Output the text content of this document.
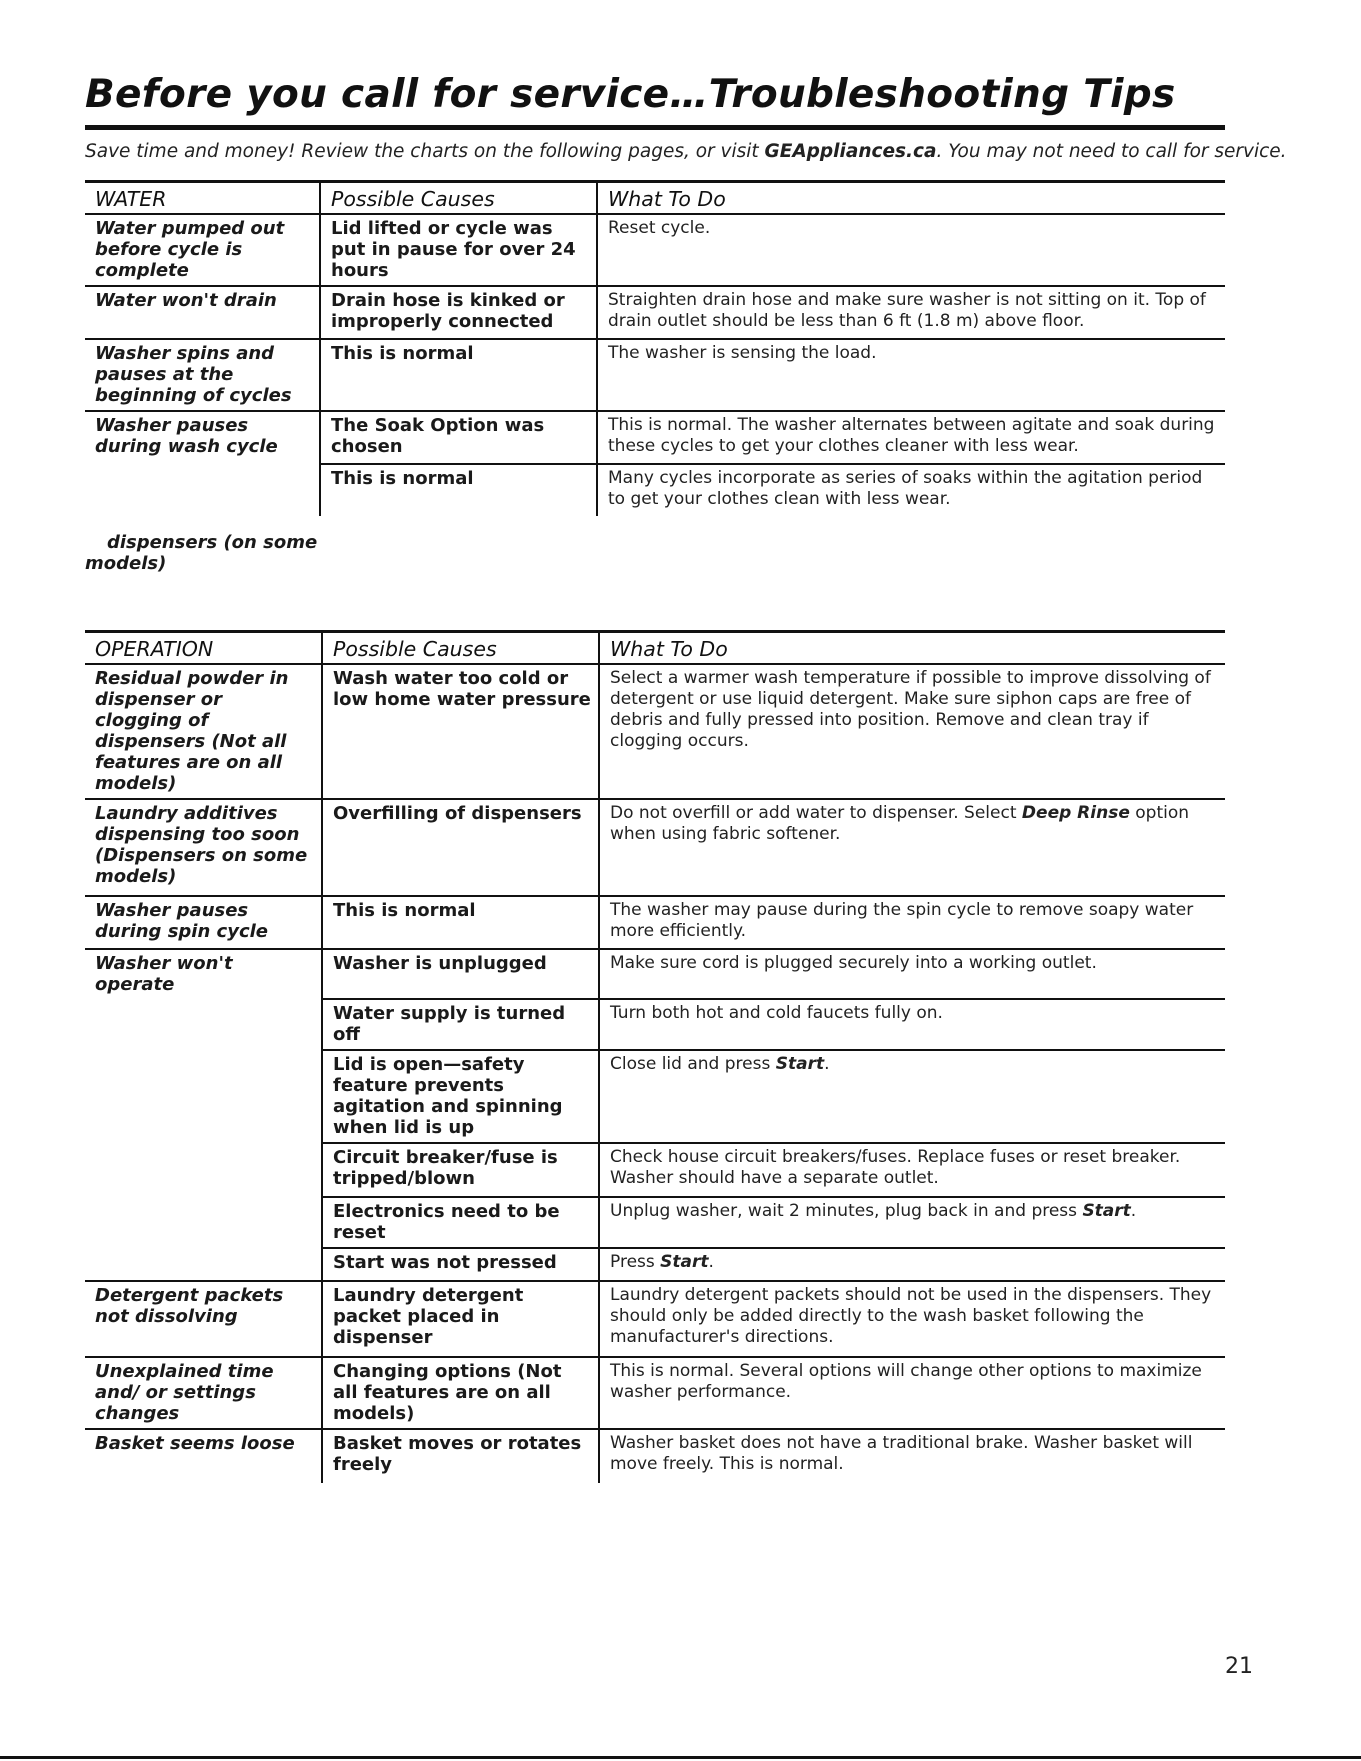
Before you call for service…Troubleshooting Tips
Save time and money! Review the charts on the following pages, or visit GEAppliances.ca. You may not need to call for service.
WATER	Possible Causes	What To Do
Water pumped out before cycle is complete	Lid lifted or cycle was put in pause for over 24 hours	Reset cycle.
Water won't drain	Drain hose is kinked or improperly connected	Straighten drain hose and make sure washer is not sitting on it. Top of drain outlet should be less than 6 ft (1.8 m) above floor.
Washer spins and pauses at the beginning of cycles	This is normal	The washer is sensing the load.
Washer pauses during wash cycle	The Soak Option was chosen	This is normal. The washer alternates between agitate and soak during these cycles to get your clothes cleaner with less wear.
	This is normal	Many cycles incorporate as series of soaks within the agitation period to get your clothes clean with less wear.
dispensers (on some
models)
OPERATION	Possible Causes	What To Do
Residual powder in dispenser or clogging of dispensers (Not all features are on all models)	Wash water too cold or low home water pressure	Select a warmer wash temperature if possible to improve dissolving of detergent or use liquid detergent. Make sure siphon caps are free of debris and fully pressed into position. Remove and clean tray if clogging occurs.
Laundry additives dispensing too soon (Dispensers on some models)	Overfilling of dispensers	Do not overfill or add water to dispenser. Select Deep Rinse option when using fabric softener.
Washer pauses during spin cycle	This is normal	The washer may pause during the spin cycle to remove soapy water more efficiently.
Washer won't operate	Washer is unplugged	Make sure cord is plugged securely into a working outlet.
	Water supply is turned off	Turn both hot and cold faucets fully on.
	Lid is open—safety feature prevents agitation and spinning when lid is up	Close lid and press Start.
	Circuit breaker/fuse is tripped/blown	Check house circuit breakers/fuses. Replace fuses or reset breaker. Washer should have a separate outlet.
	Electronics need to be reset	Unplug washer, wait 2 minutes, plug back in and press Start.
	Start was not pressed	Press Start.
Detergent packets not dissolving	Laundry detergent packet placed in dispenser	Laundry detergent packets should not be used in the dispensers. They should only be added directly to the wash basket following the manufacturer's directions.
Unexplained time and/ or settings changes	Changing options (Not all features are on all models)	This is normal. Several options will change other options to maximize washer performance.
Basket seems loose	Basket moves or rotates freely	Washer basket does not have a traditional brake. Washer basket will move freely. This is normal.
21
